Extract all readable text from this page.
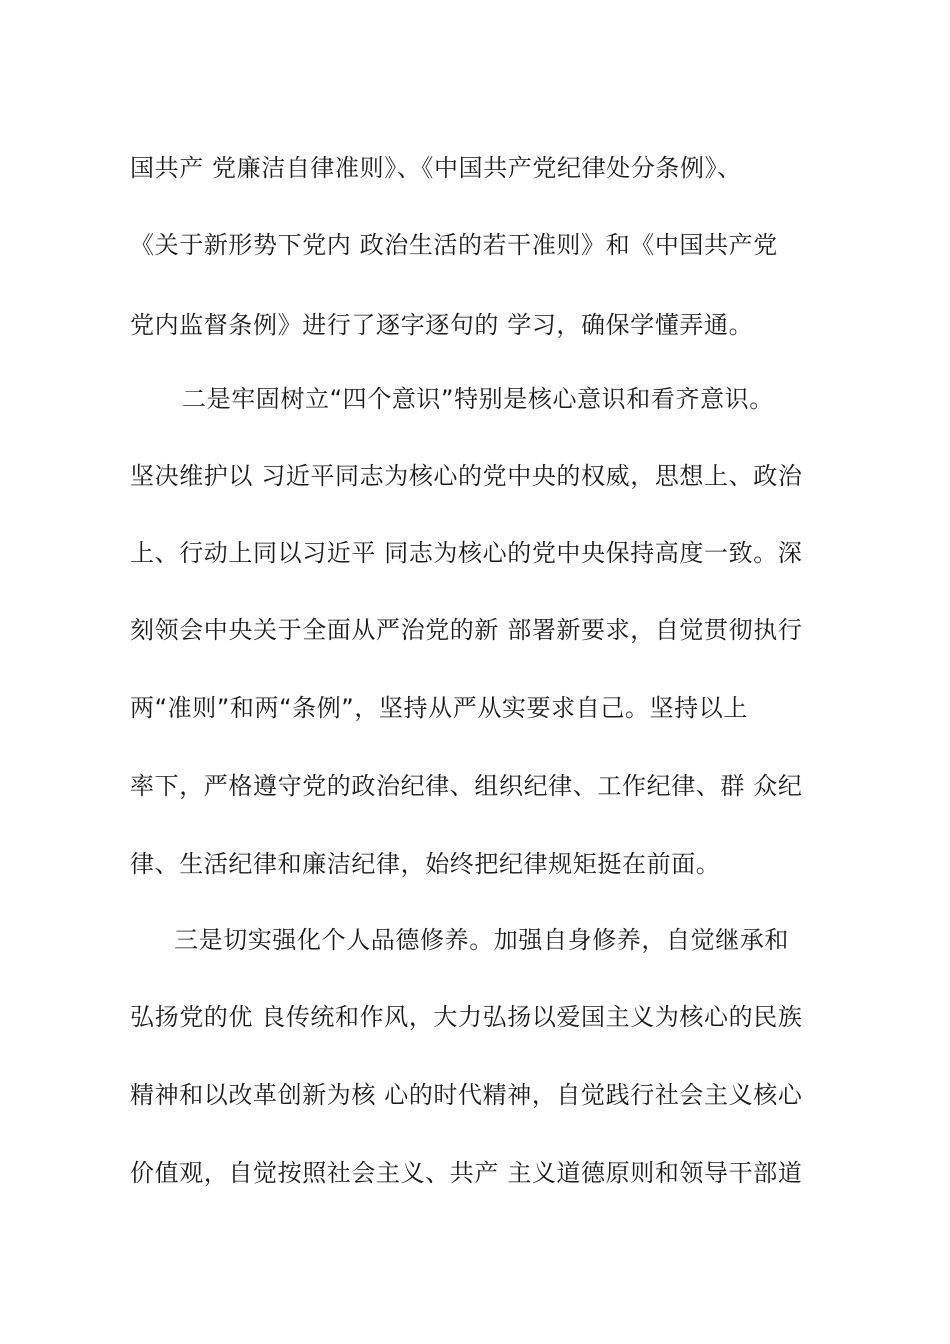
国共产 党廉洁自律准则》、《中国共产党纪律处分条例》、
《关于新形势下党内 政治生活的若干准则》和《中国共产党
党内监督条例》进行了逐字逐句的 学习，确保学懂弄通。
二是牢固树立“四个意识”特别是核心意识和看齐意识。
坚决维护以 习近平同志为核心的党中央的权威，思想上、政治
上、行动上同以习近平 同志为核心的党中央保持高度一致。深
刻领会中央关于全面从严治党的新 部署新要求，自觉贯彻执行
两“准则”和两“条例”，坚持从严从实要求自己。坚持以上
率下，严格遵守党的政治纪律、组织纪律、工作纪律、群 众纪
律、生活纪律和廉洁纪律，始终把纪律规矩挺在前面。
三是切实强化个人品德修养。加强自身修养，自觉继承和
弘扬党的优 良传统和作风，大力弘扬以爱国主义为核心的民族
精神和以改革创新为核 心的时代精神，自觉践行社会主义核心
价值观，自觉按照社会主义、共产 主义道德原则和领导干部道
